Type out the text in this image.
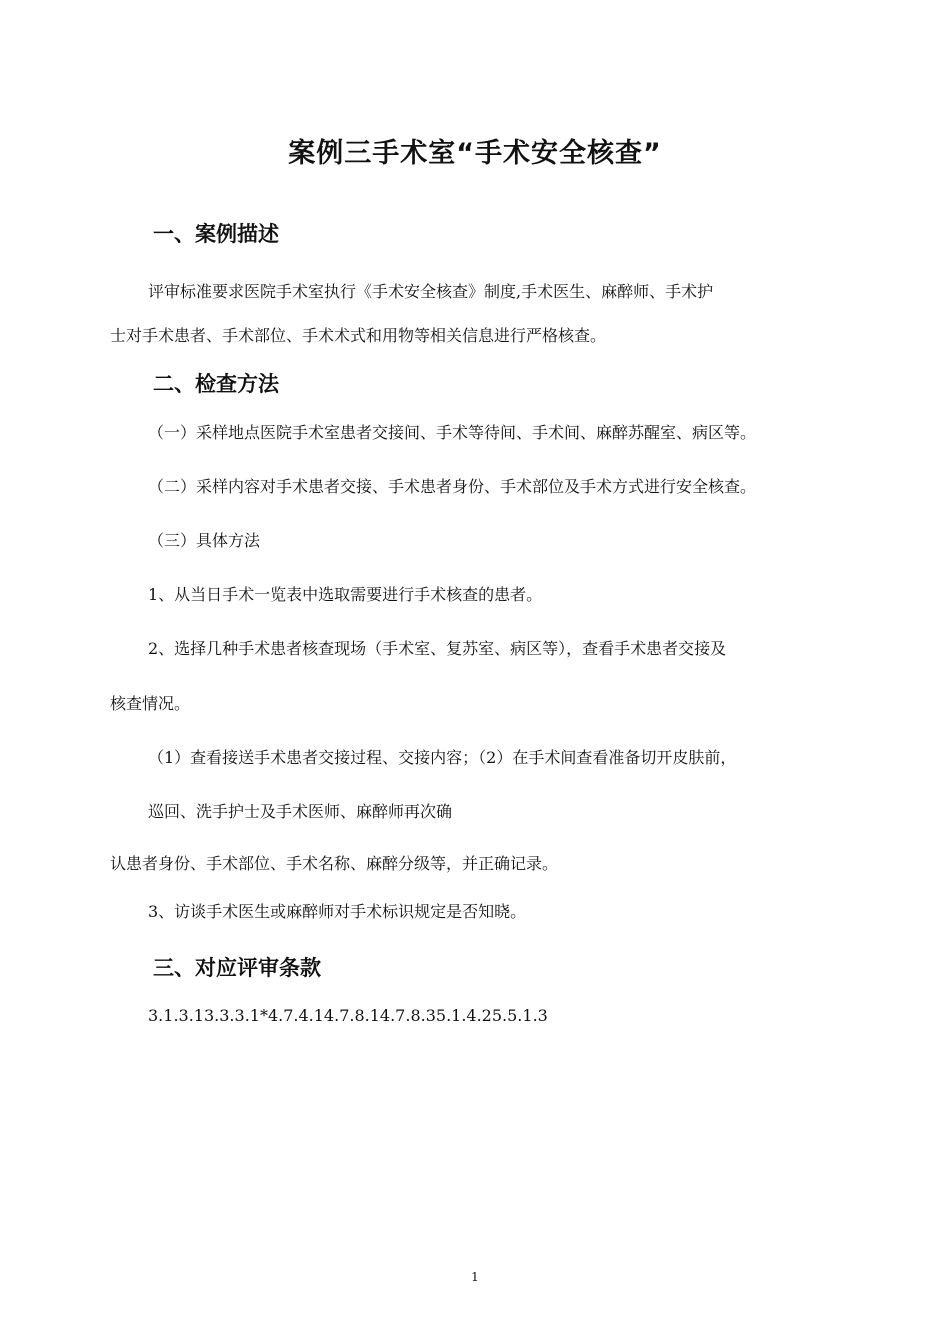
案例三手术室“手术安全核查”
一、案例描述

评审标准要求医院手术室执行《手术安全核查》制度,手术医生、麻醉师、手术护

士对手术患者、手术部位、手术术式和用物等相关信息进行严格核查。

二、检查方法

（一）采样地点医院手术室患者交接间、手术等待间、手术间、麻醉苏醒室、病区等。

（二）采样内容对手术患者交接、手术患者身份、手术部位及手术方式进行安全核查。

（三）具体方法

1、从当日手术一览表中选取需要进行手术核查的患者。

2、选择几种手术患者核查现场（手术室、复苏室、病区等），查看手术患者交接及

核查情况。

（1）查看接送手术患者交接过程、交接内容；（2）在手术间查看准备切开皮肤前，

巡回、洗手护士及手术医师、麻醉师再次确

认患者身份、手术部位、手术名称、麻醉分级等，并正确记录。

3、访谈手术医生或麻醉师对手术标识规定是否知晓。

三、对应评审条款

3.1.3.13.3.3.1*4.7.4.14.7.8.14.7.8.35.1.4.25.5.1.3

1
